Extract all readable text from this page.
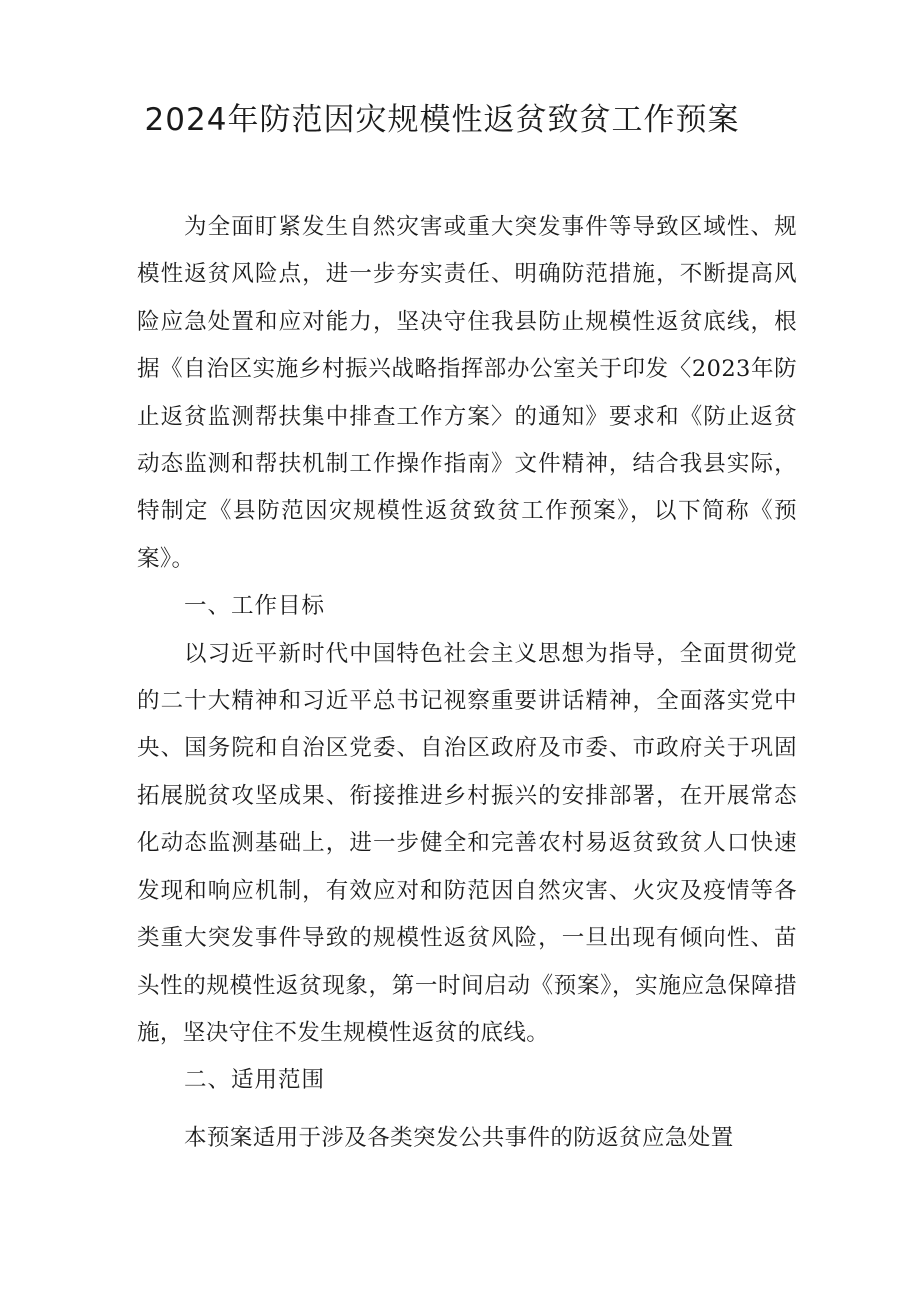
2024年防范因灾规模性返贫致贫工作预案

为全面盯紧发生自然灾害或重大突发事件等导致区域性、规模性返贫风险点，进一步夯实责任、明确防范措施，不断提高风险应急处置和应对能力，坚决守住我县防止规模性返贫底线，根据《自治区实施乡村振兴战略指挥部办公室关于印发〈2023年防止返贫监测帮扶集中排查工作方案〉的通知》要求和《防止返贫动态监测和帮扶机制工作操作指南》文件精神，结合我县实际，特制定《县防范因灾规模性返贫致贫工作预案》，以下简称《预案》。

一、工作目标

以习近平新时代中国特色社会主义思想为指导，全面贯彻党的二十大精神和习近平总书记视察重要讲话精神，全面落实党中央、国务院和自治区党委、自治区政府及市委、市政府关于巩固拓展脱贫攻坚成果、衔接推进乡村振兴的安排部署，在开展常态化动态监测基础上，进一步健全和完善农村易返贫致贫人口快速发现和响应机制，有效应对和防范因自然灾害、火灾及疫情等各类重大突发事件导致的规模性返贫风险，一旦出现有倾向性、苗头性的规模性返贫现象，第一时间启动《预案》，实施应急保障措施，坚决守住不发生规模性返贫的底线。

二、适用范围

本预案适用于涉及各类突发公共事件的防返贫应急处置
